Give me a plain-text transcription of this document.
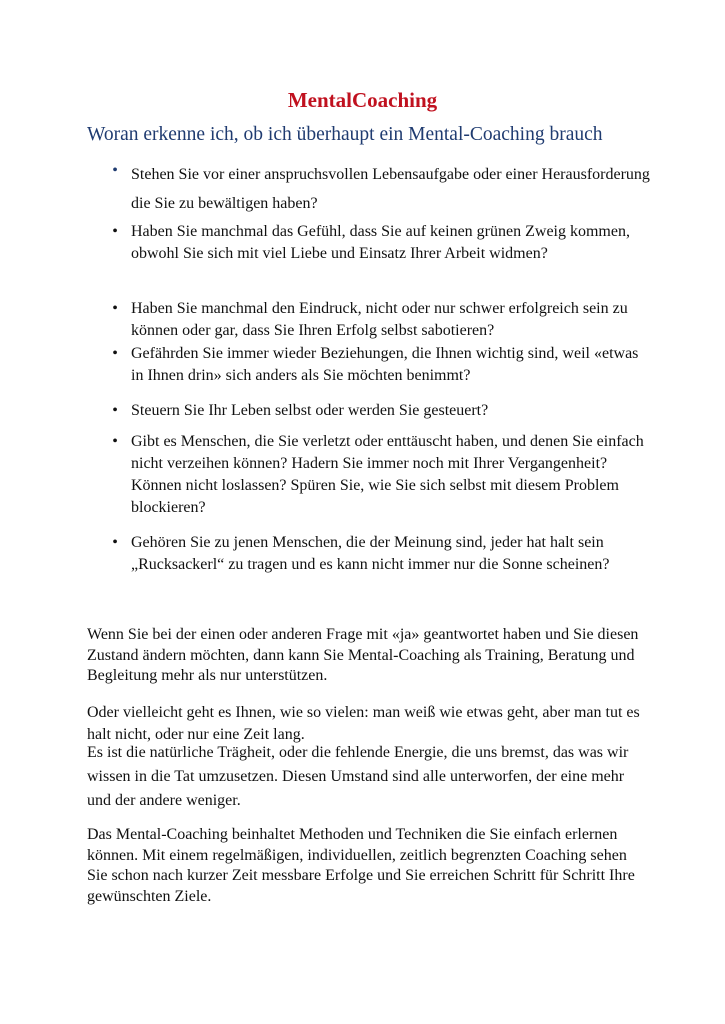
MentalCoaching
Woran erkenne ich, ob ich überhaupt ein Mental-Coaching brauch
• Stehen Sie vor einer anspruchsvollen Lebensaufgabe oder einer Herausforderung die Sie zu bewältigen haben?
• Haben Sie manchmal das Gefühl, dass Sie auf keinen grünen Zweig kommen, obwohl Sie sich mit viel Liebe und Einsatz Ihrer Arbeit widmen?
• Haben Sie manchmal den Eindruck, nicht oder nur schwer erfolgreich sein zu können oder gar, dass Sie Ihren Erfolg selbst sabotieren?
• Gefährden Sie immer wieder Beziehungen, die Ihnen wichtig sind, weil «etwas in Ihnen drin» sich anders als Sie möchten benimmt?
• Steuern Sie Ihr Leben selbst oder werden Sie gesteuert?
• Gibt es Menschen, die Sie verletzt oder enttäuscht haben, und denen Sie einfach nicht verzeihen können? Hadern Sie immer noch mit Ihrer Vergangenheit? Können nicht loslassen? Spüren Sie, wie Sie sich selbst mit diesem Problem blockieren?
• Gehören Sie zu jenen Menschen, die der Meinung sind, jeder hat halt sein „Rucksackerl“ zu tragen und es kann nicht immer nur die Sonne scheinen?
Wenn Sie bei der einen oder anderen Frage mit «ja» geantwortet haben und Sie diesen Zustand ändern möchten, dann kann Sie Mental-Coaching als Training, Beratung und Begleitung mehr als nur unterstützen.
Oder vielleicht geht es Ihnen, wie so vielen: man weiß wie etwas geht, aber man tut es halt nicht, oder nur eine Zeit lang.
Es ist die natürliche Trägheit, oder die fehlende Energie, die uns bremst, das was wir wissen in die Tat umzusetzen. Diesen Umstand sind alle unterworfen, der eine mehr und der andere weniger.
Das Mental-Coaching beinhaltet Methoden und Techniken die Sie einfach erlernen können. Mit einem regelmäßigen, individuellen, zeitlich begrenzten Coaching sehen Sie schon nach kurzer Zeit messbare Erfolge und Sie erreichen Schritt für Schritt Ihre gewünschten Ziele.
